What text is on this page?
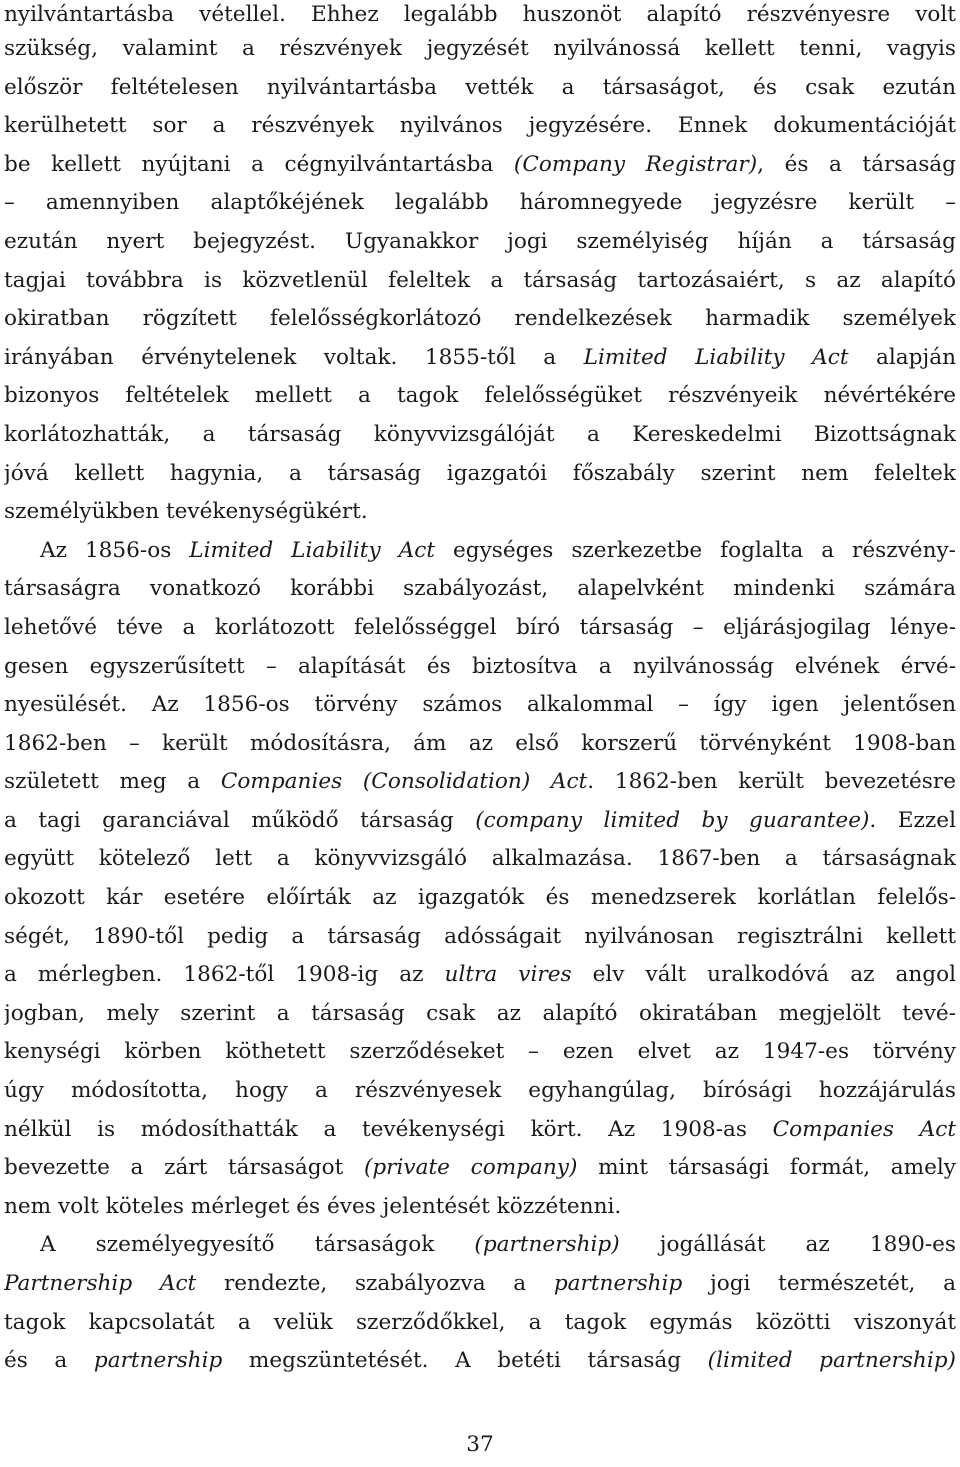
nyilvántartásba vétellel. Ehhez legalább huszonöt alapító részvényesre volt
szükség, valamint a részvények jegyzését nyilvánossá kellett tenni, vagyis
először feltételesen nyilvántartásba vették a társaságot, és csak ezután
kerülhetett sor a részvények nyilvános jegyzésére. Ennek dokumentációját
be kellett nyújtani a cégnyilvántartásba (Company Registrar), és a társaság
– amennyiben alaptőkéjének legalább háromnegyede jegyzésre került –
ezután nyert bejegyzést. Ugyanakkor jogi személyiség híján a társaság
tagjai továbbra is közvetlenül feleltek a társaság tartozásaiért, s az alapító
okiratban rögzített felelősségkorlátozó rendelkezések harmadik személyek
irányában érvénytelenek voltak. 1855-től a Limited Liability Act alapján
bizonyos feltételek mellett a tagok felelősségüket részvényeik névértékére
korlátozhatták, a társaság könyvvizsgálóját a Kereskedelmi Bizottságnak
jóvá kellett hagynia, a társaság igazgatói főszabály szerint nem feleltek
személyükben tevékenységükért.
Az 1856-os Limited Liability Act egységes szerkezetbe foglalta a részvény-
társaságra vonatkozó korábbi szabályozást, alapelvként mindenki számára
lehetővé téve a korlátozott felelősséggel bíró társaság – eljárásjogilag lénye-
gesen egyszerűsített – alapítását és biztosítva a nyilvánosság elvének érvé-
nyesülését. Az 1856-os törvény számos alkalommal – így igen jelentősen
1862-ben – került módosításra, ám az első korszerű törvényként 1908-ban
született meg a Companies (Consolidation) Act. 1862-ben került bevezetésre
a tagi garanciával működő társaság (company limited by guarantee). Ezzel
együtt kötelező lett a könyvvizsgáló alkalmazása. 1867-ben a társaságnak
okozott kár esetére előírták az igazgatók és menedzserek korlátlan felelős-
ségét, 1890-től pedig a társaság adósságait nyilvánosan regisztrálni kellett
a mérlegben. 1862-től 1908-ig az ultra vires elv vált uralkodóvá az angol
jogban, mely szerint a társaság csak az alapító okiratában megjelölt tevé-
kenységi körben köthetett szerződéseket – ezen elvet az 1947-es törvény
úgy módosította, hogy a részvényesek egyhangúlag, bírósági hozzájárulás
nélkül is módosíthatták a tevékenységi kört. Az 1908-as Companies Act
bevezette a zárt társaságot (private company) mint társasági formát, amely
nem volt köteles mérleget és éves jelentését közzétenni.
A személyegyesítő társaságok (partnership) jogállását az 1890-es
Partnership Act rendezte, szabályozva a partnership jogi természetét, a
tagok kapcsolatát a velük szerződőkkel, a tagok egymás közötti viszonyát
és a partnership megszüntetését. A betéti társaság (limited partnership)
37
